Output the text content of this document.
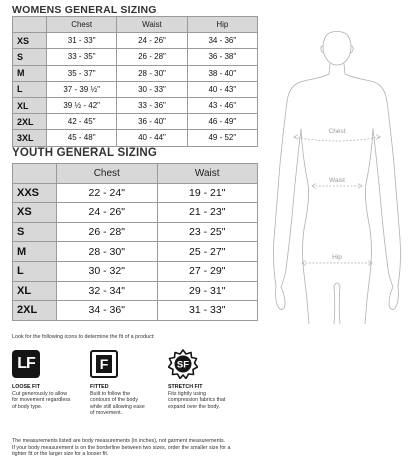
WOMENS GENERAL SIZING
	Chest	Waist	Hip
XS	31 - 33"	24 - 26"	34 - 36"
S	33 - 35"	26 - 28"	36 - 38"
M	35 - 37"	28 - 30"	38 - 40"
L	37 - 39 ½"	30 - 33"	40 - 43"
XL	39 ½ - 42"	33 - 36"	43 - 46"
2XL	42 - 45"	36 - 40"	46 - 49"
3XL	45 - 48"	40 - 44"	49 - 52"
YOUTH GENERAL SIZING
	Chest	Waist
XXS	22 - 24"	19 - 21"
XS	24 - 26"	21 - 23"
S	26 - 28"	23 - 25"
M	28 - 30"	25 - 27"
L	30 - 32"	27 - 29"
XL	32 - 34"	29 - 31"
2XL	34 - 36"	31 - 33"
Chest
Waist
Hip
Look for the following icons to determine the fit of a product:
LF	F	SF
LOOSE FIT
Cut generously to allow for movement regardless of body type.
FITTED
Built to follow the contours of the body while still allowing ease of movement.
STRETCH FIT
Fits tightly using compression fabrics that expand over the body.
The measurements listed are body measurements (in inches), not garment measurements.
If your body measurement is on the borderline between two sizes, order the smaller size for a
tighter fit or the larger size for a looser fit.
